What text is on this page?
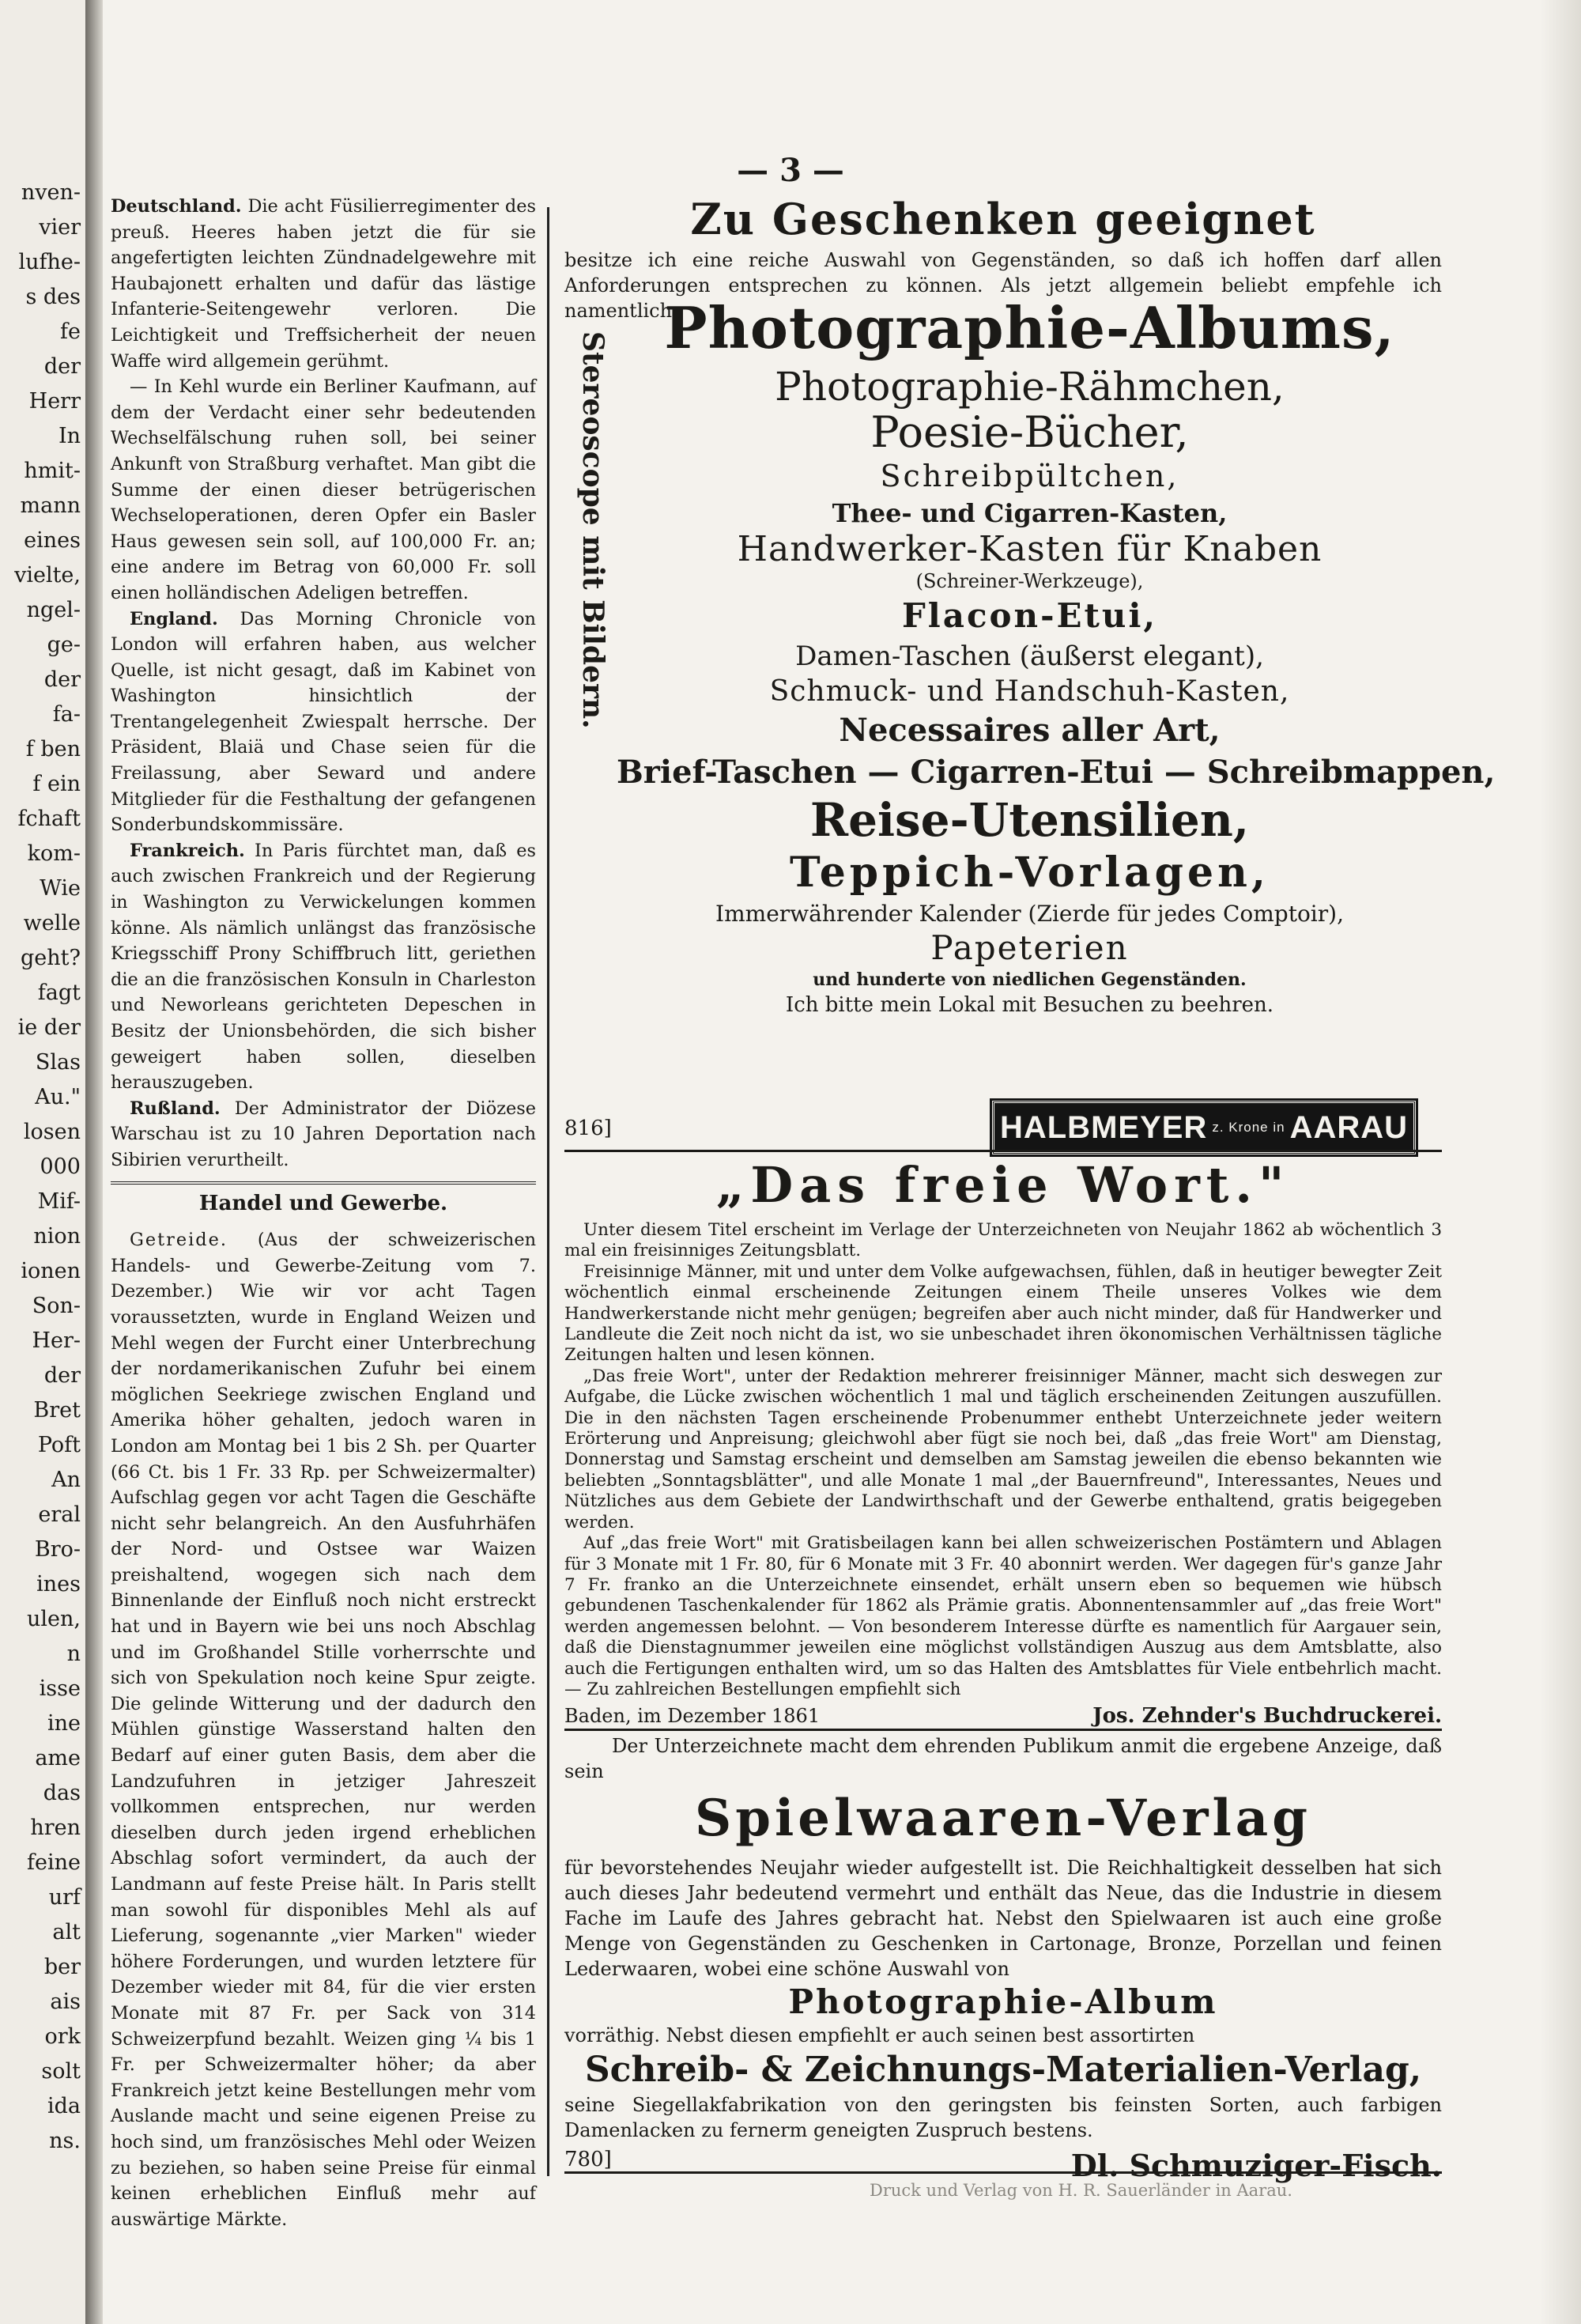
nven-
vier
lufhe-
s des
fe
der
Herr
In
hmit-
mann
eines
vielte,
ngel-
ge-
der
fa-
f ben
f ein
fchaft
kom-
Wie
welle
geht?
fagt
ie der
Slas
Au."
losen
000
Mif-
nion
ionen
Son-
Her-
der
Bret
Poft
An
eral
Bro-
ines
ulen,
n
isse
ine
ame
das
hren
feine
urf
alt
ber
ais
ork
solt
ida
ns.
— 3 —

Deutschland. Die acht Füsilierregimenter des preuß. Heeres haben jetzt die für sie angefertigten leichten Zündnadelgewehre mit Haubajonett erhalten und dafür das lästige Infanterie-Seitengewehr verloren. Die Leichtigkeit und Treffsicherheit der neuen Waffe wird allgemein gerühmt.

— In Kehl wurde ein Berliner Kaufmann, auf dem der Verdacht einer sehr bedeutenden Wechselfälschung ruhen soll, bei seiner Ankunft von Straßburg verhaftet. Man gibt die Summe der einen dieser betrügerischen Wechseloperationen, deren Opfer ein Basler Haus gewesen sein soll, auf 100,000 Fr. an; eine andere im Betrag von 60,000 Fr. soll einen holländischen Adeligen betreffen.

England. Das Morning Chronicle von London will erfahren haben, aus welcher Quelle, ist nicht gesagt, daß im Kabinet von Washington hinsichtlich der Trentangelegenheit Zwiespalt herrsche. Der Präsident, Blaiä und Chase seien für die Freilassung, aber Seward und andere Mitglieder für die Festhaltung der gefangenen Sonderbundskommissäre.

Frankreich. In Paris fürchtet man, daß es auch zwischen Frankreich und der Regierung in Washington zu Verwickelungen kommen könne. Als nämlich unlängst das französische Kriegsschiff Prony Schiffbruch litt, geriethen die an die französischen Konsuln in Charleston und Neworleans gerichteten Depeschen in Besitz der Unionsbehörden, die sich bisher geweigert haben sollen, dieselben herauszugeben.

Rußland. Der Administrator der Diözese Warschau ist zu 10 Jahren Deportation nach Sibirien verurtheilt.

Handel und Gewerbe.

Getreide. (Aus der schweizerischen Handels- und Gewerbe-Zeitung vom 7. Dezember.) Wie wir vor acht Tagen voraussetzten, wurde in England Weizen und Mehl wegen der Furcht einer Unterbrechung der nordamerikanischen Zufuhr bei einem möglichen Seekriege zwischen England und Amerika höher gehalten, jedoch waren in London am Montag bei 1 bis 2 Sh. per Quarter (66 Ct. bis 1 Fr. 33 Rp. per Schweizermalter) Aufschlag gegen vor acht Tagen die Geschäfte nicht sehr belangreich. An den Ausfuhrhäfen der Nord- und Ostsee war Waizen preishaltend, wogegen sich nach dem Binnenlande der Einfluß noch nicht erstreckt hat und in Bayern wie bei uns noch Abschlag und im Großhandel Stille vorherrschte und sich von Spekulation noch keine Spur zeigte. Die gelinde Witterung und der dadurch den Mühlen günstige Wasserstand halten den Bedarf auf einer guten Basis, dem aber die Landzufuhren in jetziger Jahreszeit vollkommen entsprechen, nur werden dieselben durch jeden irgend erheblichen Abschlag sofort vermindert, da auch der Landmann auf feste Preise hält. In Paris stellt man sowohl für disponibles Mehl als auf Lieferung, sogenannte „vier Marken" wieder höhere Forderungen, und wurden letztere für Dezember wieder mit 84, für die vier ersten Monate mit 87 Fr. per Sack von 314 Schweizerpfund bezahlt. Weizen ging ¼ bis 1 Fr. per Schweizermalter höher; da aber Frankreich jetzt keine Bestellungen mehr vom Auslande macht und seine eigenen Preise zu hoch sind, um französisches Mehl oder Weizen zu beziehen, so haben seine Preise für einmal keinen erheblichen Einfluß mehr auf auswärtige Märkte.

Zu Geschenken geeignet

besitze ich eine reiche Auswahl von Gegenständen, so daß ich hoffen darf allen Anforderungen entsprechen zu können. Als jetzt allgemein beliebt empfehle ich namentlich:

Stereoscope mit Bildern.
Photographie-Albums,
Photographie-Rähmchen,
Poesie-Bücher,
Schreibpültchen,
Thee- und Cigarren-Kasten,
Handwerker-Kasten für Knaben
(Schreiner-Werkzeuge),
Flacon-Etui,
Damen-Taschen (äußerst elegant),
Schmuck- und Handschuh-Kasten,
Necessaires aller Art,
Brief-Taschen — Cigarren-Etui — Schreibmappen,
Reise-Utensilien,
Teppich-Vorlagen,
Immerwährender Kalender (Zierde für jedes Comptoir),
Papeterien
und hunderte von niedlichen Gegenständen.
Ich bitte mein Lokal mit Besuchen zu beehren.
816]	HALBMEYER z. Krone in AARAU
„Das freie Wort."

Unter diesem Titel erscheint im Verlage der Unterzeichneten von Neujahr 1862 ab wöchentlich 3 mal ein freisinniges Zeitungsblatt.

Freisinnige Männer, mit und unter dem Volke aufgewachsen, fühlen, daß in heutiger bewegter Zeit wöchentlich einmal erscheinende Zeitungen einem Theile unseres Volkes wie dem Handwerkerstande nicht mehr genügen; begreifen aber auch nicht minder, daß für Handwerker und Landleute die Zeit noch nicht da ist, wo sie unbeschadet ihren ökonomischen Verhältnissen tägliche Zeitungen halten und lesen können.

„Das freie Wort", unter der Redaktion mehrerer freisinniger Männer, macht sich deswegen zur Aufgabe, die Lücke zwischen wöchentlich 1 mal und täglich erscheinenden Zeitungen auszufüllen. Die in den nächsten Tagen erscheinende Probenummer enthebt Unterzeichnete jeder weitern Erörterung und Anpreisung; gleichwohl aber fügt sie noch bei, daß „das freie Wort" am Dienstag, Donnerstag und Samstag erscheint und demselben am Samstag jeweilen die ebenso bekannten wie beliebten „Sonntagsblätter", und alle Monate 1 mal „der Bauernfreund", Interessantes, Neues und Nützliches aus dem Gebiete der Landwirthschaft und der Gewerbe enthaltend, gratis beigegeben werden.

Auf „das freie Wort" mit Gratisbeilagen kann bei allen schweizerischen Postämtern und Ablagen für 3 Monate mit 1 Fr. 80, für 6 Monate mit 3 Fr. 40 abonnirt werden. Wer dagegen für's ganze Jahr 7 Fr. franko an die Unterzeichnete einsendet, erhält unsern eben so bequemen wie hübsch gebundenen Taschenkalender für 1862 als Prämie gratis. Abonnentensammler auf „das freie Wort" werden angemessen belohnt. — Von besonderem Interesse dürfte es namentlich für Aargauer sein, daß die Dienstagnummer jeweilen eine möglichst vollständigen Auszug aus dem Amtsblatte, also auch die Fertigungen enthalten wird, um so das Halten des Amtsblattes für Viele entbehrlich macht. — Zu zahlreichen Bestellungen empfiehlt sich

Baden, im Dezember 1861	Jos. Zehnder's Buchdruckerei.

Der Unterzeichnete macht dem ehrenden Publikum anmit die ergebene Anzeige, daß sein

Spielwaaren-Verlag

für bevorstehendes Neujahr wieder aufgestellt ist. Die Reichhaltigkeit desselben hat sich auch dieses Jahr bedeutend vermehrt und enthält das Neue, das die Industrie in diesem Fache im Laufe des Jahres gebracht hat. Nebst den Spielwaaren ist auch eine große Menge von Gegenständen zu Geschenken in Cartonage, Bronze, Porzellan und feinen Lederwaaren, wobei eine schöne Auswahl von

Photographie-Album

vorräthig. Nebst diesen empfiehlt er auch seinen best assortirten

Schreib- & Zeichnungs-Materialien-Verlag,

seine Siegellakfabrikation von den geringsten bis feinsten Sorten, auch farbigen Damenlacken zu fernerm geneigten Zuspruch bestens.

780]	Dl. Schmuziger-Fisch.
Druck und Verlag von H. R. Sauerländer in Aarau.
